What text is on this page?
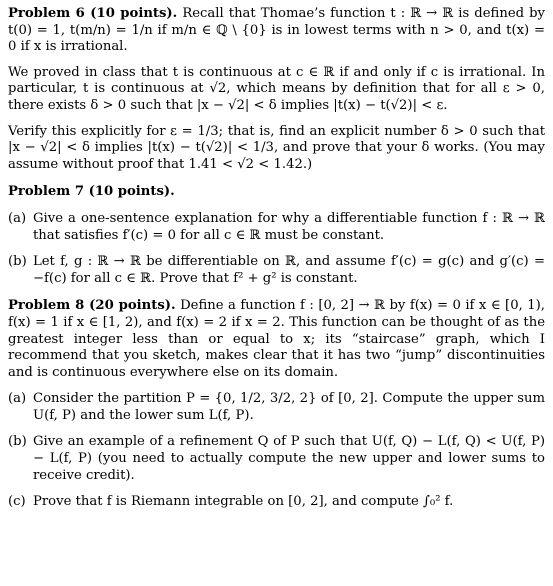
Problem 6 (10 points). Recall that Thomae’s function t : ℝ → ℝ is defined by t(0) = 1, t(m/n) = 1/n if m/n ∈ ℚ \ {0} is in lowest terms with n > 0, and t(x) = 0 if x is irrational.

We proved in class that t is continuous at c ∈ ℝ if and only if c is irrational. In particular, t is continuous at √2, which means by definition that for all ε > 0, there exists δ > 0 such that |x − √2| < δ implies |t(x) − t(√2)| < ε.

Verify this explicitly for ε = 1/3; that is, find an explicit number δ > 0 such that |x − √2| < δ implies |t(x) − t(√2)| < 1/3, and prove that your δ works. (You may assume without proof that 1.41 < √2 < 1.42.)

Problem 7 (10 points).

(a) Give a one-sentence explanation for why a differentiable function f : ℝ → ℝ that satisfies f′(c) = 0 for all c ∈ ℝ must be constant.
(b) Let f, g : ℝ → ℝ be differentiable on ℝ, and assume f′(c) = g(c) and g′(c) = −f(c) for all c ∈ ℝ. Prove that f² + g² is constant.

Problem 8 (20 points). Define a function f : [0, 2] → ℝ by f(x) = 0 if x ∈ [0, 1), f(x) = 1 if x ∈ [1, 2), and f(x) = 2 if x = 2. This function can be thought of as the greatest integer less than or equal to x; its “staircase” graph, which I recommend that you sketch, makes clear that it has two “jump” discontinuities and is continuous everywhere else on its domain.

(a) Consider the partition P = {0, 1/2, 3/2, 2} of [0, 2]. Compute the upper sum U(f, P) and the lower sum L(f, P).
(b) Give an example of a refinement Q of P such that U(f, Q) − L(f, Q) < U(f, P) − L(f, P) (you need to actually compute the new upper and lower sums to receive credit).
(c) Prove that f is Riemann integrable on [0, 2], and compute ∫₀² f.
